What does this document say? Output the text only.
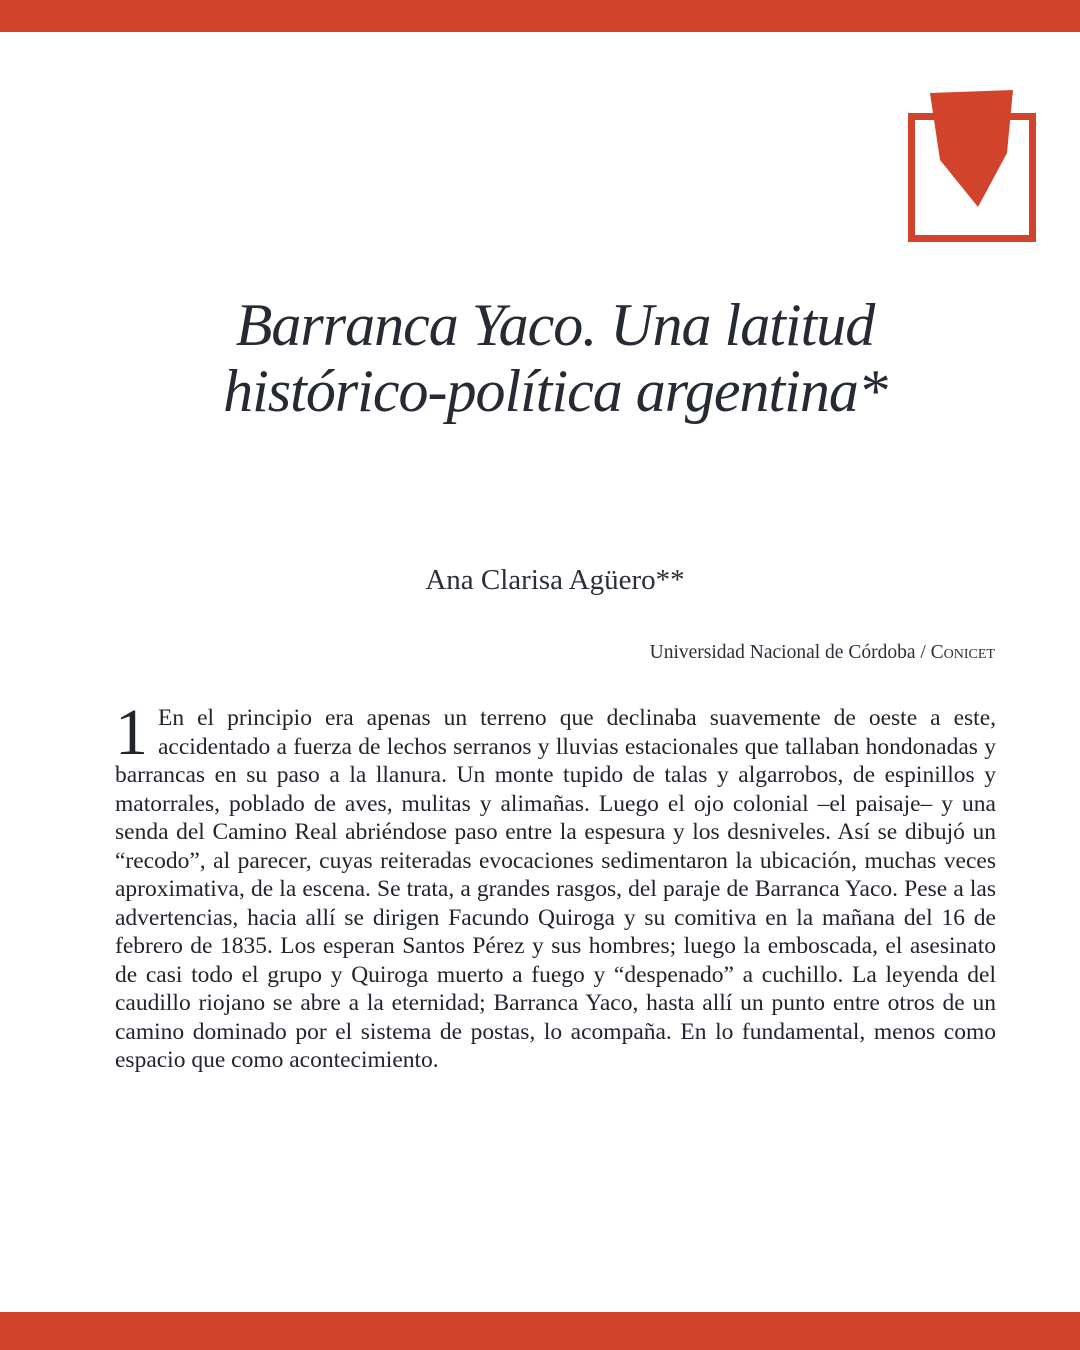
Barranca Yaco. Una latitud
histórico-política argentina*
Ana Clarisa Agüero**
Universidad Nacional de Córdoba / Conicet
1 En el principio era apenas un terreno que declinaba suavemente de oeste a este, accidentado a fuerza de lechos serranos y lluvias estacionales que tallaban hondonadas y barrancas en su paso a la llanura. Un monte tupido de talas y algarrobos, de espinillos y matorrales, poblado de aves, mulitas y alimañas. Luego el ojo colonial –el paisaje– y una senda del Camino Real abriéndose paso entre la espesura y los desniveles. Así se dibujó un “recodo”, al parecer, cuyas reiteradas evocaciones sedimentaron la ubicación, muchas veces aproximativa, de la escena. Se trata, a grandes rasgos, del paraje de Barranca Yaco. Pese a las advertencias, hacia allí se dirigen Facundo Quiroga y su comitiva en la mañana del 16 de febrero de 1835. Los esperan Santos Pérez y sus hombres; luego la emboscada, el asesinato de casi todo el grupo y Quiroga muerto a fuego y “despenado” a cuchillo. La leyenda del caudillo riojano se abre a la eternidad; Barranca Yaco, hasta allí un punto entre otros de un camino dominado por el sistema de postas, lo acompaña. En lo fundamental, menos como espacio que como acontecimiento.
